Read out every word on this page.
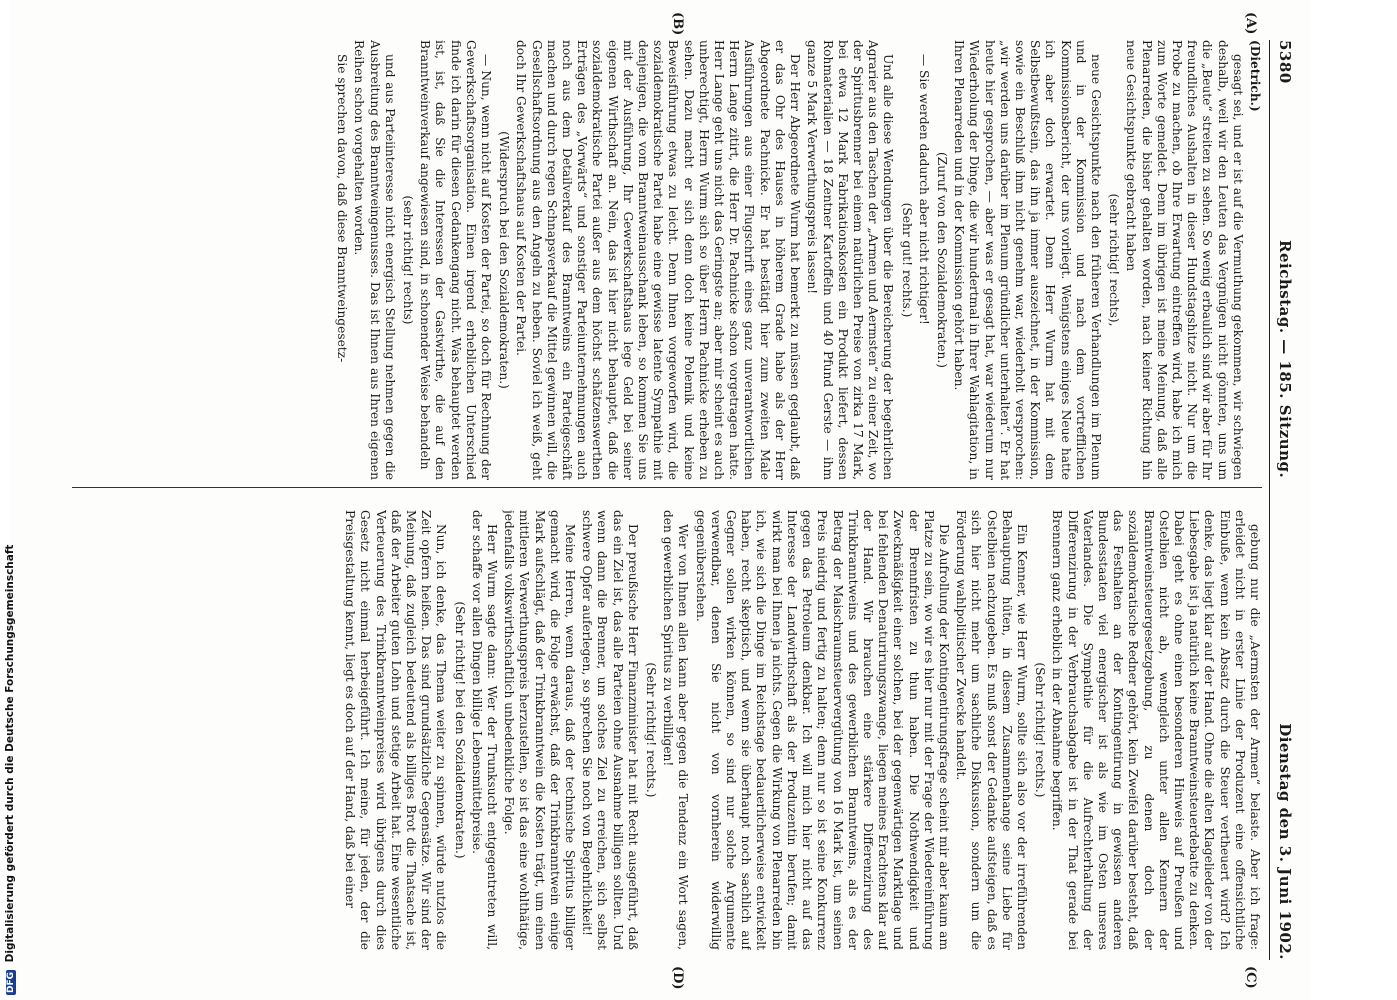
5380
Reichstag. — 185. Sitzung.
Dienstag den 3. Juni 1902.
(A)
(B)
(C)
(D)

(Dietrich.)

gesagt sei, und er ist auf die Vermuthung gekommen, wir schwiegen deshalb, weil wir den Leuten das Vergnügen nicht gönnten, uns um die „Beute“ streiten zu sehen. So wenig erbaulich sind wir aber für Ihr freundliches Aushalten in dieser Hundstagshitze nicht. Nur um die Probe zu machen, ob Ihre Erwartung eintreffen wird, habe ich mich zum Worte gemeldet. Denn im übrigen ist meine Meinung, daß alle Plenarreden, die bisher gehalten worden, nach keiner Richtung hin neue Gesichtspunkte gebracht haben

(sehr richtig! rechts),

neue Gesichtspunkte nach den früheren Verhandlungen im Plenum und in der Kommission und nach dem vortrefflichen Kommissionsbericht, der uns vorliegt. Wenigstens einiges Neue hatte ich aber doch erwartet. Denn Herr Wurm hat mit dem Selbstbewußtsein, das ihn ja immer auszeichnet, in der Kommission, sowie ein Beschluß ihm nicht genehm war, wiederholt versprochen: „wir werden uns darüber im Plenum gründlicher unterhalten“. Er hat heute hier gesprochen, — aber was er gesagt hat, war wiederum nur Wiederholung der Dinge, die wir hundertmal in Ihrer Wahlagitation, in Ihren Plenarreden und in der Kommission gehört haben.

(Zuruf von den Sozialdemokraten.)

— Sie werden dadurch aber nicht richtiger!

(Sehr gut! rechts.)

Und alle diese Wendungen über die Bereicherung der begehrlichen Agrarier aus den Taschen der „Armen und Aermsten“ zu einer Zeit, wo der Spiritusbrenner bei einem natürlichen Preise von zirka 17 Mark, bei etwa 12 Mark Fabrikationskosten ein Produkt liefert, dessen Rohmaterialien — 18 Zentner Kartoffeln und 40 Pfund Gerste — ihm ganze 5 Mark Verwerthungspreis lassen!

Der Herr Abgeordnete Wurm hat bemerkt zu müssen geglaubt, daß er das Ohr des Hauses in höherem Grade habe als der Herr Abgeordnete Pachnicke. Er hat bestätigt hier zum zweiten Male Ausführungen aus einer Flugschrift eines ganz unverantwortlichen Herrn Lange zitirt, die Herr Dr. Pachnicke schon vorgetragen hatte. Herr Lange geht uns nicht das Geringste an; aber mir scheint es auch unberechtigt, Herrn Wurm sich so über Herrn Pachnicke erheben zu sehen. Dazu macht er sich denn doch keine Polemik und keine Beweisführung etwas zu leicht. Denn Ihnen vorgeworfen wird, die sozialdemokratische Partei habe eine gewisse latente Sympathie mit denjenigen, die vom Branntweinausschank leben, so kommen Sie uns mit der Ausführung, Ihr Gewerkschaftshaus lege Geld bei seiner eigenen Wirthschaft an. Nein, das ist hier nicht behauptet, daß die sozialdemokratische Partei außer aus dem höchst schätzenswerthen Erträgen des „Vorwärts“ und sonstiger Parteiunternehmungen auch noch aus dem Detailverkauf des Branntweins ein Parteigeschäft machen und durch regen Schnapsverkauf die Mittel gewinnen will, die Gesellschaftsordnung aus den Angeln zu heben. Soviel ich weiß, geht doch Ihr Gewerkschaftshaus auf Kosten der Partei.

(Widerspruch bei den Sozialdemokraten.)

— Nun, wenn nicht auf Kosten der Partei, so doch für Rechnung der Gewerkschaftsorganisation. Einen irgend erheblichen Unterschied finde ich darin für diesen Gedankengang nicht. Was behauptet werden ist, ist, daß Sie die Interessen der Gastwirthe, die auf den Branntweinverkauf angewiesen sind, in schonender Weise behandeln

(sehr richtig! rechts)

und aus Parteiinteresse nicht energisch Stellung nehmen gegen die Ausbreitung des Branntweingenusses. Das ist Ihnen aus Ihren eigenen Reihen schon vorgehalten worden.

Sie sprechen davon, daß diese Branntweingesetz-

gebung nur die „Aermsten der Armen“ belaste. Aber ich frage: erleidet nicht in erster Linie der Produzent eine offensichtliche Einbuße, wenn kein Absatz durch die Steuer vertheuert wird? Ich denke, das liegt klar auf der Hand. Ohne die alten Klagelieder von der Liebesgabe ist ja natürlich keine Branntweinsteuerdebatte zu denken. Dabei geht es ohne einen besonderen Hinweis auf Preußen und Ostelbien nicht ab, wenngleich unter allen Kennern der Branntweinsteuergesetzgebung, zu denen doch der sozialdemokratische Redner gehört, kein Zweifel darüber besteht, daß das Festhalten an der Kontingentirung in gewissen anderen Bundesstaaten viel energischer ist als wie im Osten unseres Vaterlandes. Die Sympathie für die Aufrechterhaltung der Differenzirung in der Verbrauchsabgabe ist in der That gerade bei Brennern ganz erheblich in der Abnahme begriffen.

(Sehr richtig! rechts.)

Ein Kenner, wie Herr Wurm, sollte sich also vor der irreführenden Behauptung hüten, in diesem Zusammenhange seine Liebe für Ostelbien nachzugeben. Es muß sonst der Gedanke aufsteigen, daß es sich hier nicht mehr um sachliche Diskussion, sondern um die Förderung wahlpolitischer Zwecke handelt.

Die Aufrollung der Kontingentirungsfrage scheint mir aber kaum am Platze zu sein, wo wir es hier nur mit der Frage der Wiedereinführung der Brennfristen zu thun haben. Die Nothwendigkeit und Zweckmäßigkeit einer solchen, bei der gegenwärtigen Marktlage und bei fehlenden Denaturirungszwange, liegen meines Erachtens klar auf der Hand. Wir brauchen eine stärkere Differenzirung des Trinkbranntweins und des gewerblichen Branntweins, als es der Betrag der Maischraumsteuervergütung von 16 Mark ist, um seinen Preis niedrig und fertig zu halten; denn nur so ist seine Konkurrenz gegen das Petroleum denkbar. Ich will mich hier nicht auf das Interesse der Landwirthschaft als der Produzentin berufen; damit wirkt man bei Ihnen ja nichts. Gegen die Wirkung von Plenarreden bin ich, wie sich die Dinge im Reichstage bedauerlicherweise entwickelt haben, recht skeptisch, und wenn sie überhaupt noch sachlich auf Gegner sollen wirken können, so sind nur solche Argumente verwendbar, denen Sie nicht von vornherein widerwillig gegenüberstehen.

Wer von Ihnen allen kann aber gegen die Tendenz ein Wort sagen, den gewerblichen Spiritus zu verbilligen!

(Sehr richtig! rechts.)

Der preußische Herr Finanzminister hat mit Recht ausgeführt, daß das ein Ziel ist, das alle Parteien ohne Ausnahme billigen sollten. Und wenn dann die Brenner, um solches Ziel zu erreichen, sich selbst schwere Opfer auferlegen, so sprechen Sie noch von Begehrlichkeit!

Meine Herren, wenn daraus, daß der technische Spiritus billiger gemacht wird, die Folge erwächst, daß der Trinkbranntwein einige Mark aufschlägt, daß der Trinkbranntwein die Kosten trägt, um einen mittleren Verwerthungspreis herzustellen, so ist das eine wohlthätige, jedenfalls volkswirthschaftlich unbedenkliche Folge.

Herr Wurm sagte dann: Wer der Trunksucht entgegentreten will, der schaffe vor allen Dingen billige Lebensmittelpreise.

(Sehr richtig! bei den Sozialdemokraten.)

Nun, ich denke, das Thema weiter zu spinnen, würde nutzlos die Zeit opfern heißen. Das sind grundsätzliche Gegensätze. Wir sind der Meinung, daß zugleich bedeutend als billiges Brot die Thatsache ist, daß der Arbeiter guten Lohn und stetige Arbeit hat. Eine wesentliche Verteuerung des Trinkbranntweinpreises wird übrigens durch dies Gesetz nicht einmal herbeigeführt. Ich meine, für jeden, der die Preisgestaltung kennt, liegt es doch auf der Hand, daß bei einer

DFG Digitalisierung gefördert durch die Deutsche Forschungsgemeinschaft
